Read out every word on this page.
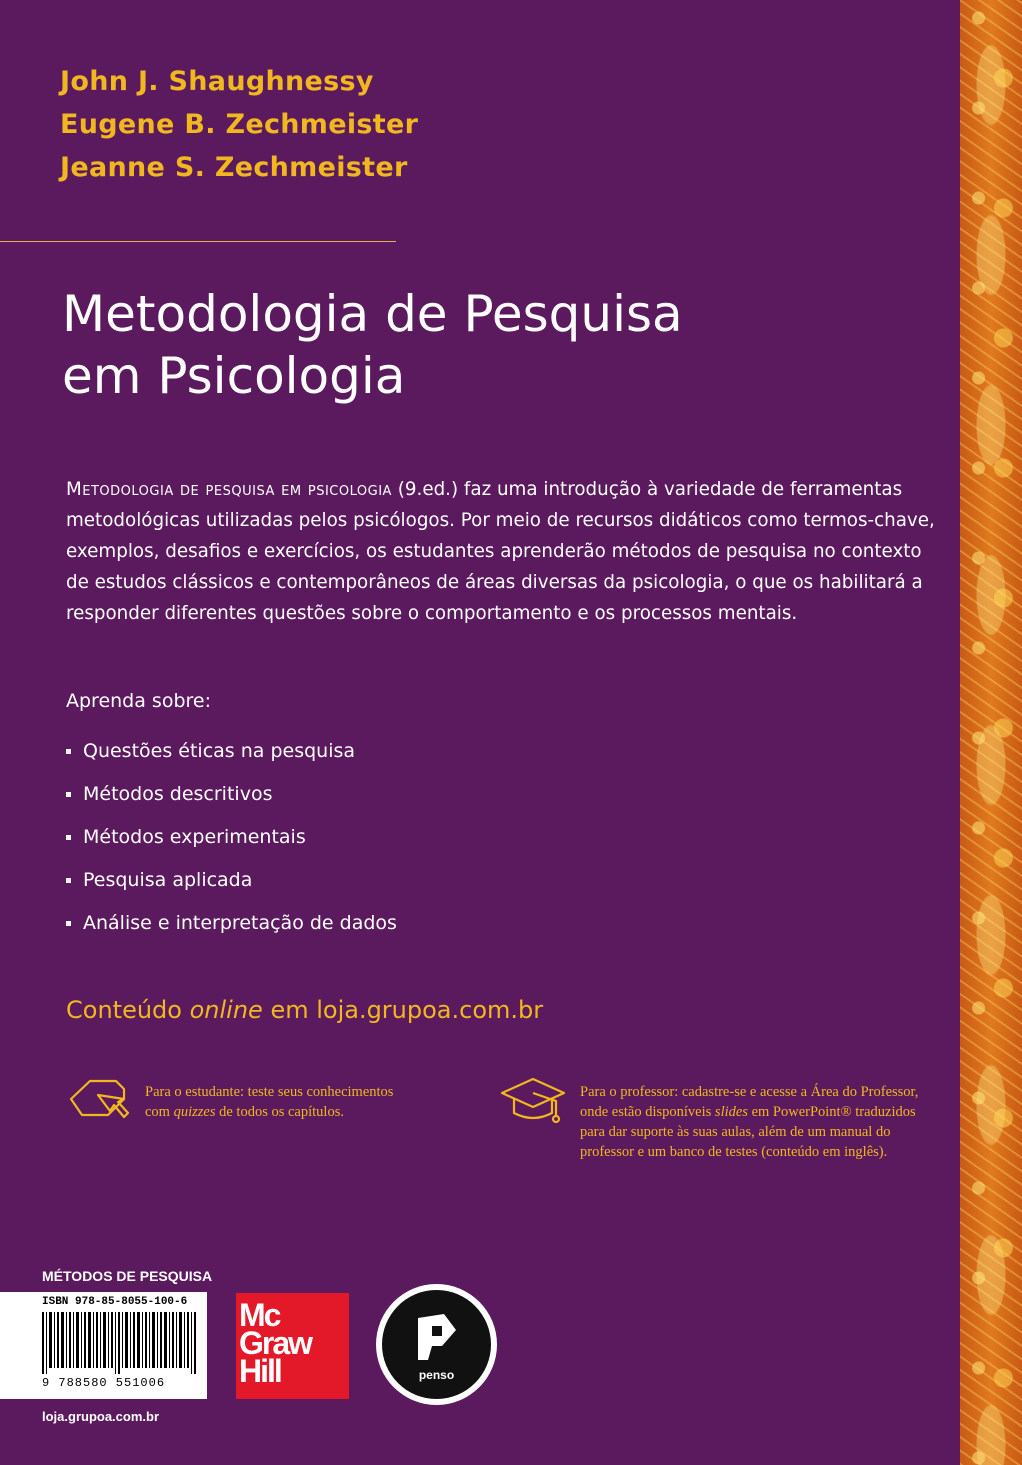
John J. Shaughnessy
Eugene B. Zechmeister
Jeanne S. Zechmeister
Metodologia de Pesquisa
em Psicologia
Metodologia de pesquisa em psicologia (9.ed.) faz uma introdução à variedade de ferramentas metodológicas utilizadas pelos psicólogos. Por meio de recursos didáticos como termos-chave, exemplos, desafios e exercícios, os estudantes aprenderão métodos de pesquisa no contexto de estudos clássicos e contemporâneos de áreas diversas da psicologia, o que os habilitará a responder diferentes questões sobre o comportamento e os processos mentais.
Aprenda sobre:
Questões éticas na pesquisa
Métodos descritivos
Métodos experimentais
Pesquisa aplicada
Análise e interpretação de dados
Conteúdo online em loja.grupoa.com.br
Para o estudante: teste seus conhecimentos com quizzes de todos os capítulos.
Para o professor: cadastre-se e acesse a Área do Professor, onde estão disponíveis slides em PowerPoint® traduzidos para dar suporte às suas aulas, além de um manual do professor e um banco de testes (conteúdo em inglês).
MÉTODOS DE PESQUISA
ISBN 978-85-8055-100-6
9 788580 551006
loja.grupoa.com.br
Mc
Graw
Hill	penso
